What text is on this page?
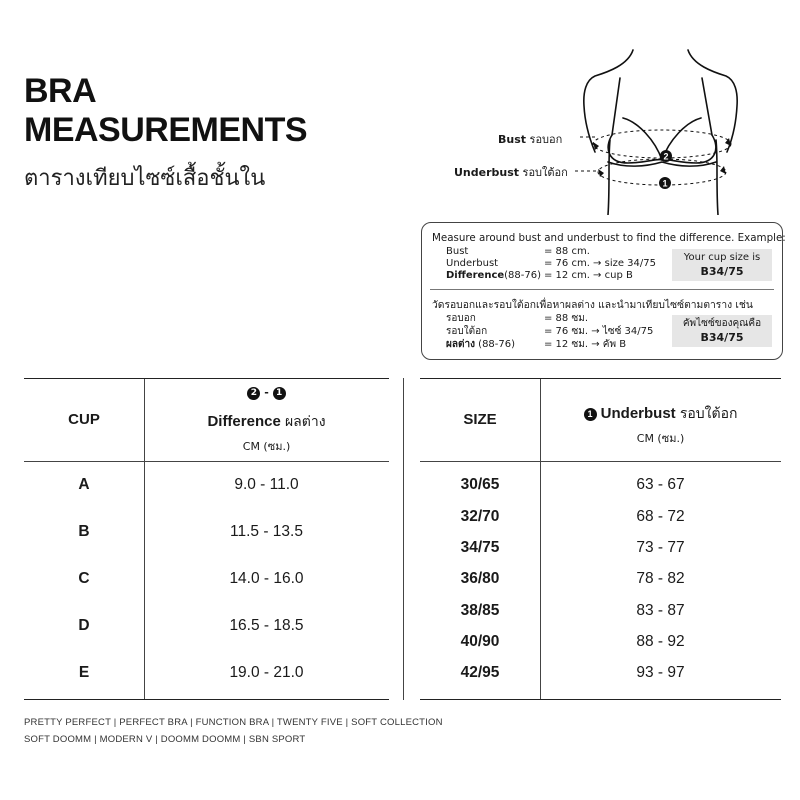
BRA
MEASUREMENTS
ตารางเทียบไซซ์เสื้อชั้นใน
2
1
Bust รอบอก
Underbust รอบใต้อก
Measure around bust and underbust to find the difference. Example:
Bust	= 88 cm.
Underbust	= 76 cm. → size 34/75
Difference(88-76) = 12 cm. → cup B
Your cup size is
B34/75
วัดรอบอกและรอบใต้อกเพื่อหาผลต่าง และนำมาเทียบไซซ์ตามตาราง เช่น
รอบอก	= 88 ซม.
รอบใต้อก	= 76 ซม. → ไซซ์ 34/75
ผลต่าง (88-76)	= 12 ซม. → คัพ B
คัพไซซ์ของคุณคือ
B34/75
CUP
2 - 1
Difference ผลต่าง
CM (ซม.)
A	9.0 - 11.0
B	11.5 - 13.5
C	14.0 - 16.0
D	16.5 - 18.5
E	19.0 - 21.0
SIZE	1 Underbust รอบใต้อก
CM (ซม.)
30/65	63 - 67
32/70	68 - 72
34/75	73 - 77
36/80	78 - 82
38/85	83 - 87
40/90	88 - 92
42/95	93 - 97
PRETTY PERFECT | PERFECT BRA | FUNCTION BRA | TWENTY FIVE | SOFT COLLECTION
SOFT DOOMM | MODERN V | DOOMM DOOMM | SBN SPORT
